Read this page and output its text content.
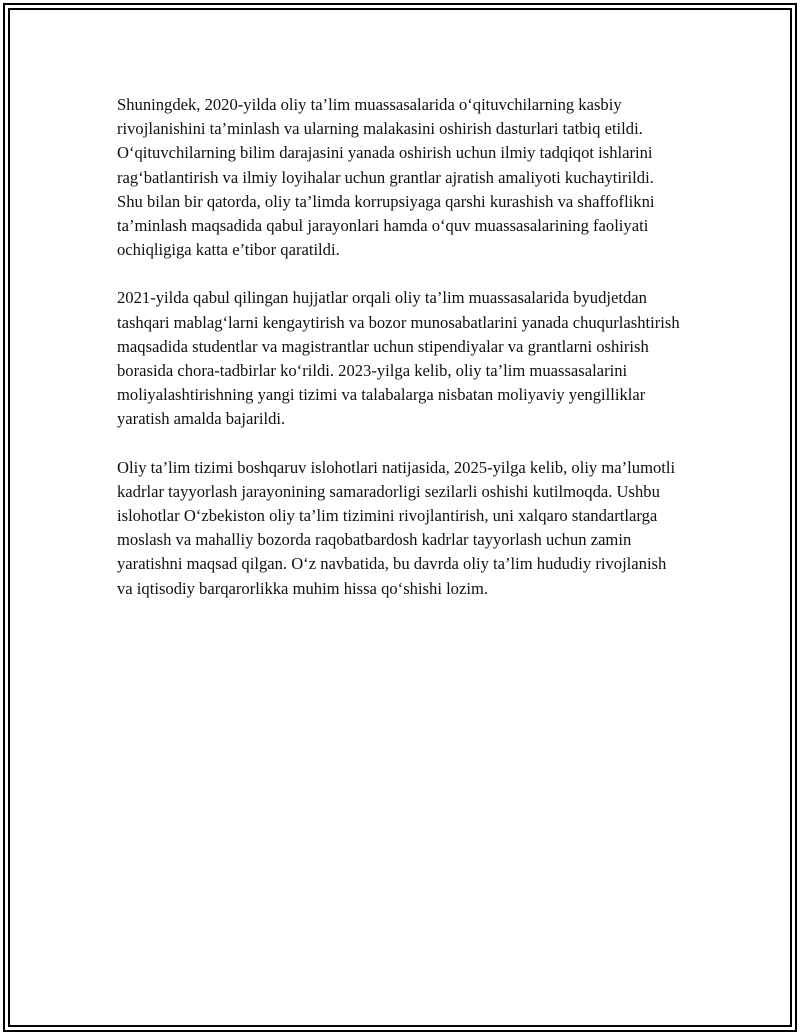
Shuningdek, 2020-yilda oliy ta’lim muassasalarida o‘qituvchilarning kasbiy rivojlanishini ta’minlash va ularning malakasini oshirish dasturlari tatbiq etildi. O‘qituvchilarning bilim darajasini yanada oshirish uchun ilmiy tadqiqot ishlarini rag‘batlantirish va ilmiy loyihalar uchun grantlar ajratish amaliyoti kuchaytirildi. Shu bilan bir qatorda, oliy ta’limda korrupsiyaga qarshi kurashish va shaffoflikni ta’minlash maqsadida qabul jarayonlari hamda o‘quv muassasalarining faoliyati ochiqligiga katta e’tibor qaratildi.

2021-yilda qabul qilingan hujjatlar orqali oliy ta’lim muassasalarida byudjetdan tashqari mablag‘larni kengaytirish va bozor munosabatlarini yanada chuqurlashtirish maqsadida studentlar va magistrantlar uchun stipendiyalar va grantlarni oshirish borasida chora-tadbirlar ko‘rildi. 2023-yilga kelib, oliy ta’lim muassasalarini moliyalashtirishning yangi tizimi va talabalarga nisbatan moliyaviy yengilliklar yaratish amalda bajarildi.

Oliy ta’lim tizimi boshqaruv islohotlari natijasida, 2025-yilga kelib, oliy ma’lumotli kadrlar tayyorlash jarayonining samaradorligi sezilarli oshishi kutilmoqda. Ushbu islohotlar O‘zbekiston oliy ta’lim tizimini rivojlantirish, uni xalqaro standartlarga moslash va mahalliy bozorda raqobatbardosh kadrlar tayyorlash uchun zamin yaratishni maqsad qilgan. O‘z navbatida, bu davrda oliy ta’lim hududiy rivojlanish va iqtisodiy barqarorlikka muhim hissa qo‘shishi lozim.
